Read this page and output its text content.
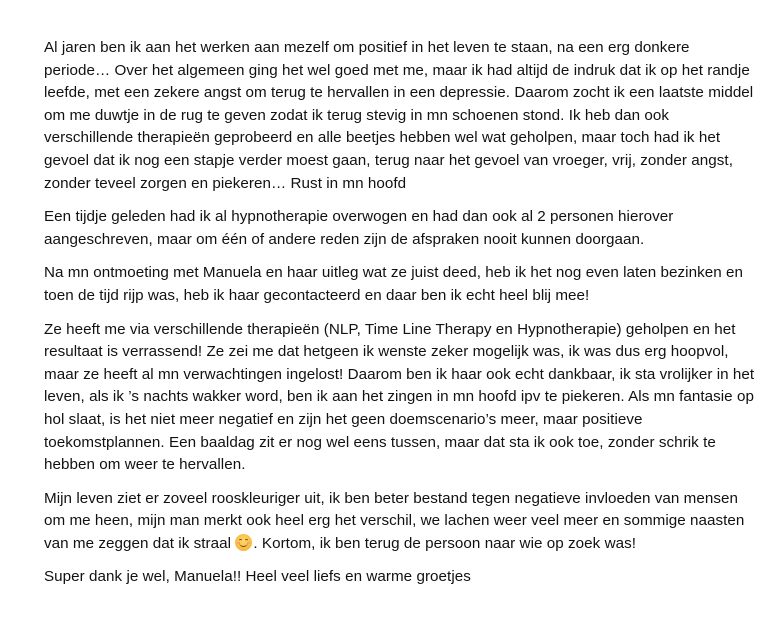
Al jaren ben ik aan het werken aan mezelf om positief in het leven te staan, na een erg donkere periode… Over het algemeen ging het wel goed met me, maar ik had altijd de indruk dat ik op het randje leefde, met een zekere angst om terug te hervallen in een depressie. Daarom zocht ik een laatste middel om me duwtje in de rug te geven zodat ik terug stevig in mn schoenen stond. Ik heb dan ook verschillende therapieën geprobeerd en alle beetjes hebben wel wat geholpen, maar toch had ik het gevoel dat ik nog een stapje verder moest gaan, terug naar het gevoel van vroeger, vrij, zonder angst, zonder teveel zorgen en piekeren… Rust in mn hoofd

Een tijdje geleden had ik al hypnotherapie overwogen en had dan ook al 2 personen hierover aangeschreven, maar om één of andere reden zijn de afspraken nooit kunnen doorgaan.

Na mn ontmoeting met Manuela en haar uitleg wat ze juist deed, heb ik het nog even laten bezinken en toen de tijd rijp was, heb ik haar gecontacteerd en daar ben ik echt heel blij mee!

Ze heeft me via verschillende therapieën (NLP, Time Line Therapy en Hypnotherapie) geholpen en het resultaat is verrassend! Ze zei me dat hetgeen ik wenste zeker mogelijk was, ik was dus erg hoopvol, maar ze heeft al mn verwachtingen ingelost! Daarom ben ik haar ook echt dankbaar, ik sta vrolijker in het leven, als ik ’s nachts wakker word, ben ik aan het zingen in mn hoofd ipv te piekeren. Als mn fantasie op hol slaat, is het niet meer negatief en zijn het geen doemscenario’s meer, maar positieve toekomstplannen. Een baaldag zit er nog wel eens tussen, maar dat sta ik ook toe, zonder schrik te hebben om weer te hervallen.

Mijn leven ziet er zoveel rooskleuriger uit, ik ben beter bestand tegen negatieve invloeden van mensen om me heen, mijn man merkt ook heel erg het verschil, we lachen weer veel meer en sommige naasten van me zeggen dat ik straal
. Kortom, ik ben terug de persoon naar wie op zoek was!

Super dank je wel, Manuela!! Heel veel liefs en warme groetjes
